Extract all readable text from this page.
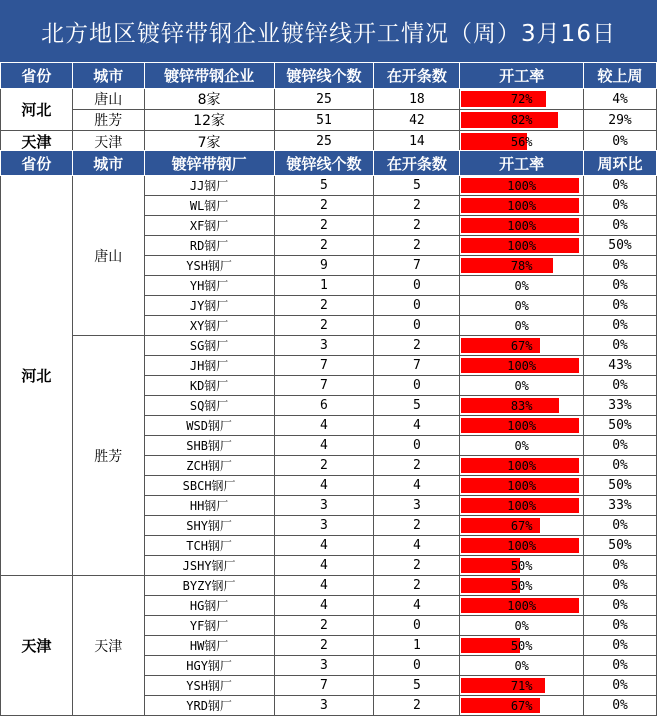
北方地区镀锌带钢企业镀锌线开工情况（周）3月16日
省份	城市	镀锌带钢企业	镀锌线个数	在开条数	开工率	较上周
河北	唐山	8家	25	18	72%	4%
	胜芳	12家	51	42	82%	29%
天津	天津	7家	25	14	56%	0%
省份	城市	镀锌带钢厂	镀锌线个数	在开条数	开工率	周环比
河北	唐山	JJ钢厂	5	5	100%	0%
		WL钢厂	2	2	100%	0%
		XF钢厂	2	2	100%	0%
		RD钢厂	2	2	100%	50%
		YSH钢厂	9	7	78%	0%
		YH钢厂	1	0	0%	0%
		JY钢厂	2	0	0%	0%
		XY钢厂	2	0	0%	0%
	胜芳	SG钢厂	3	2	67%	0%
		JH钢厂	7	7	100%	43%
		KD钢厂	7	0	0%	0%
		SQ钢厂	6	5	83%	33%
		WSD钢厂	4	4	100%	50%
		SHB钢厂	4	0	0%	0%
		ZCH钢厂	2	2	100%	0%
		SBCH钢厂	4	4	100%	50%
		HH钢厂	3	3	100%	33%
		SHY钢厂	3	2	67%	0%
		TCH钢厂	4	4	100%	50%
		JSHY钢厂	4	2	50%	0%
天津	天津	BYZY钢厂	4	2	50%	0%
		HG钢厂	4	4	100%	0%
		YF钢厂	2	0	0%	0%
		HW钢厂	2	1	50%	0%
		HGY钢厂	3	0	0%	0%
		YSH钢厂	7	5	71%	0%
		YRD钢厂	3	2	67%	0%
